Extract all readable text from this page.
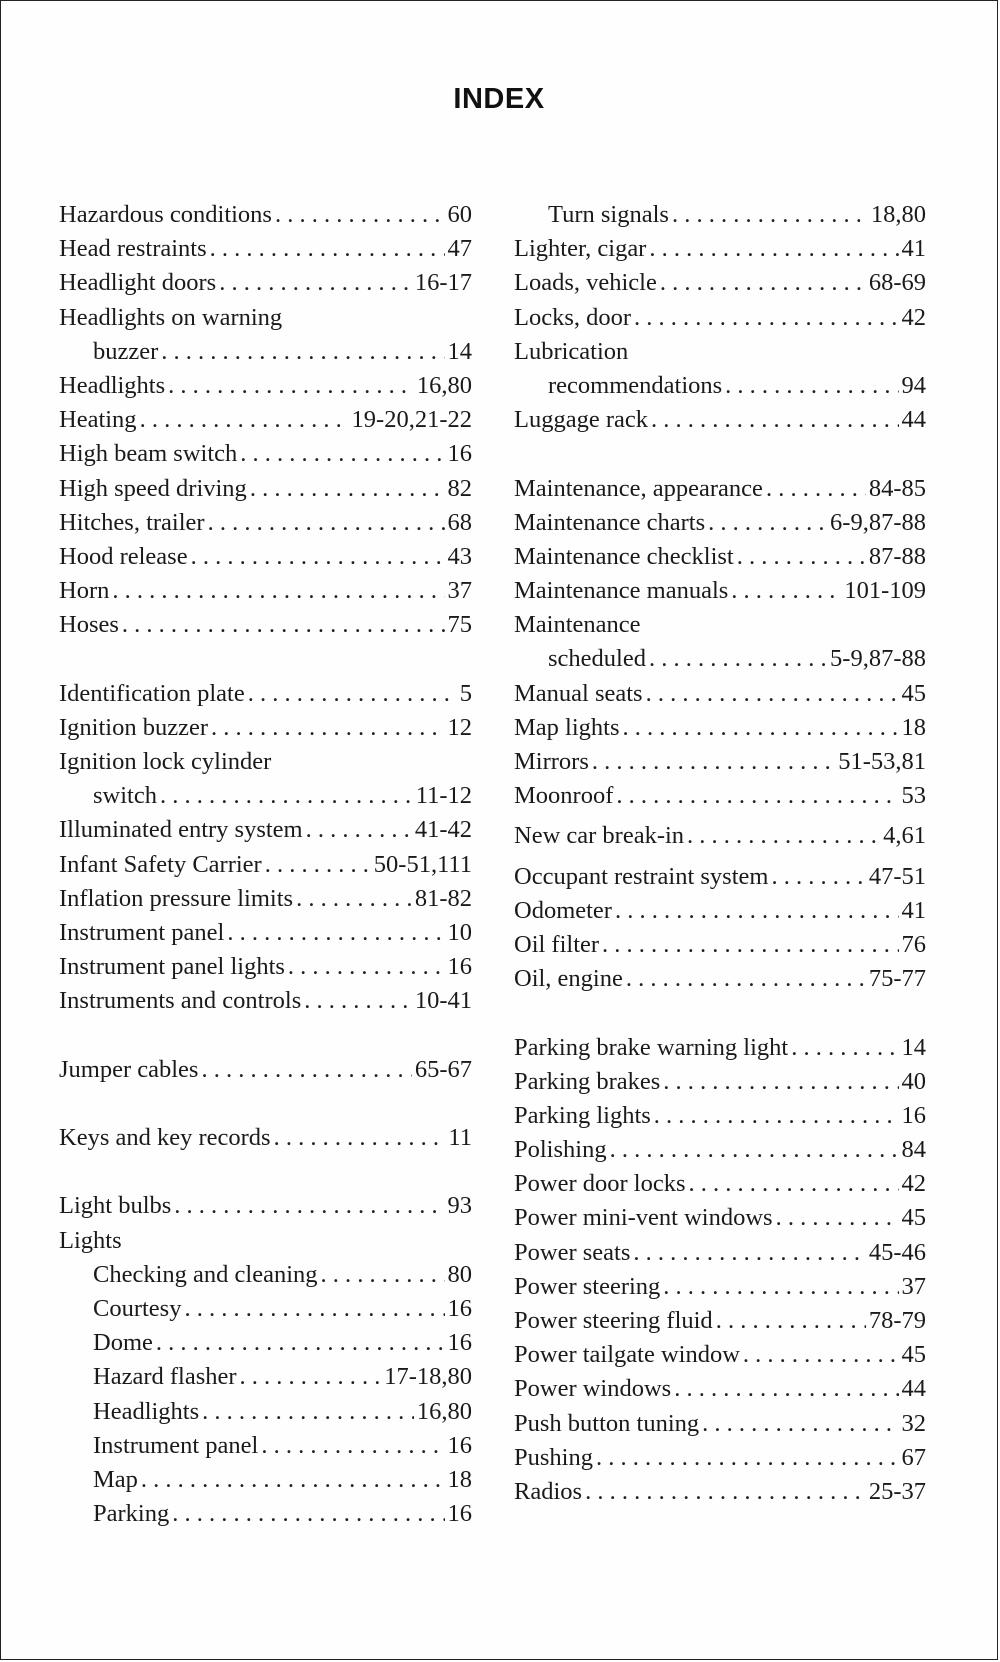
INDEX
Hazardous conditions . . .	60
Head restraints . . .	47
Headlight doors . . .	16-17
Headlights on warning
buzzer . . .	14
Headlights . . .	16,80
Heating . . .	19-20,21-22
High beam switch . . .	16
High speed driving . . .	82
Hitches, trailer . . .	68
Hood release . . .	43
Horn . . .	37
Hoses . . .	75
Identification plate . . .	5
Ignition buzzer . . .	12
Ignition lock cylinder
switch . . .	11-12
Illuminated entry system . . .	41-42
Infant Safety Carrier . . .	50-51,111
Inflation pressure limits . . .	81-82
Instrument panel . . .	10
Instrument panel lights . . .	16
Instruments and controls . . .	10-41
Jumper cables . . .	65-67
Keys and key records . . .	11
Light bulbs . . .	93
Lights
Checking and cleaning . . .	80
Courtesy . . .	16
Dome . . .	16
Hazard flasher . . .	17-18,80
Headlights . . .	16,80
Instrument panel . . .	16
Map . . .	18
Parking . . .	16
Turn signals . . .	18,80
Lighter, cigar . . .	41
Loads, vehicle . . .	68-69
Locks, door . . .	42
Lubrication
recommendations . . .	94
Luggage rack . . .	44
Maintenance, appearance . . .	84-85
Maintenance charts . . .	6-9,87-88
Maintenance checklist . . .	87-88
Maintenance manuals . . .	101-109
Maintenance
scheduled . . .	5-9,87-88
Manual seats . . .	45
Map lights . . .	18
Mirrors . . .	51-53,81
Moonroof . . .	53
New car break-in . . .	4,61
Occupant restraint system . . .	47-51
Odometer . . .	41
Oil filter . . .	76
Oil, engine . . .	75-77
Parking brake warning light . . .	14
Parking brakes . . .	40
Parking lights . . .	16
Polishing . . .	84
Power door locks . . .	42
Power mini-vent windows . . .	45
Power seats . . .	45-46
Power steering . . .	37
Power steering fluid . . .	78-79
Power tailgate window . . .	45
Power windows . . .	44
Push button tuning . . .	32
Pushing . . .	67
Radios . . .	25-37
